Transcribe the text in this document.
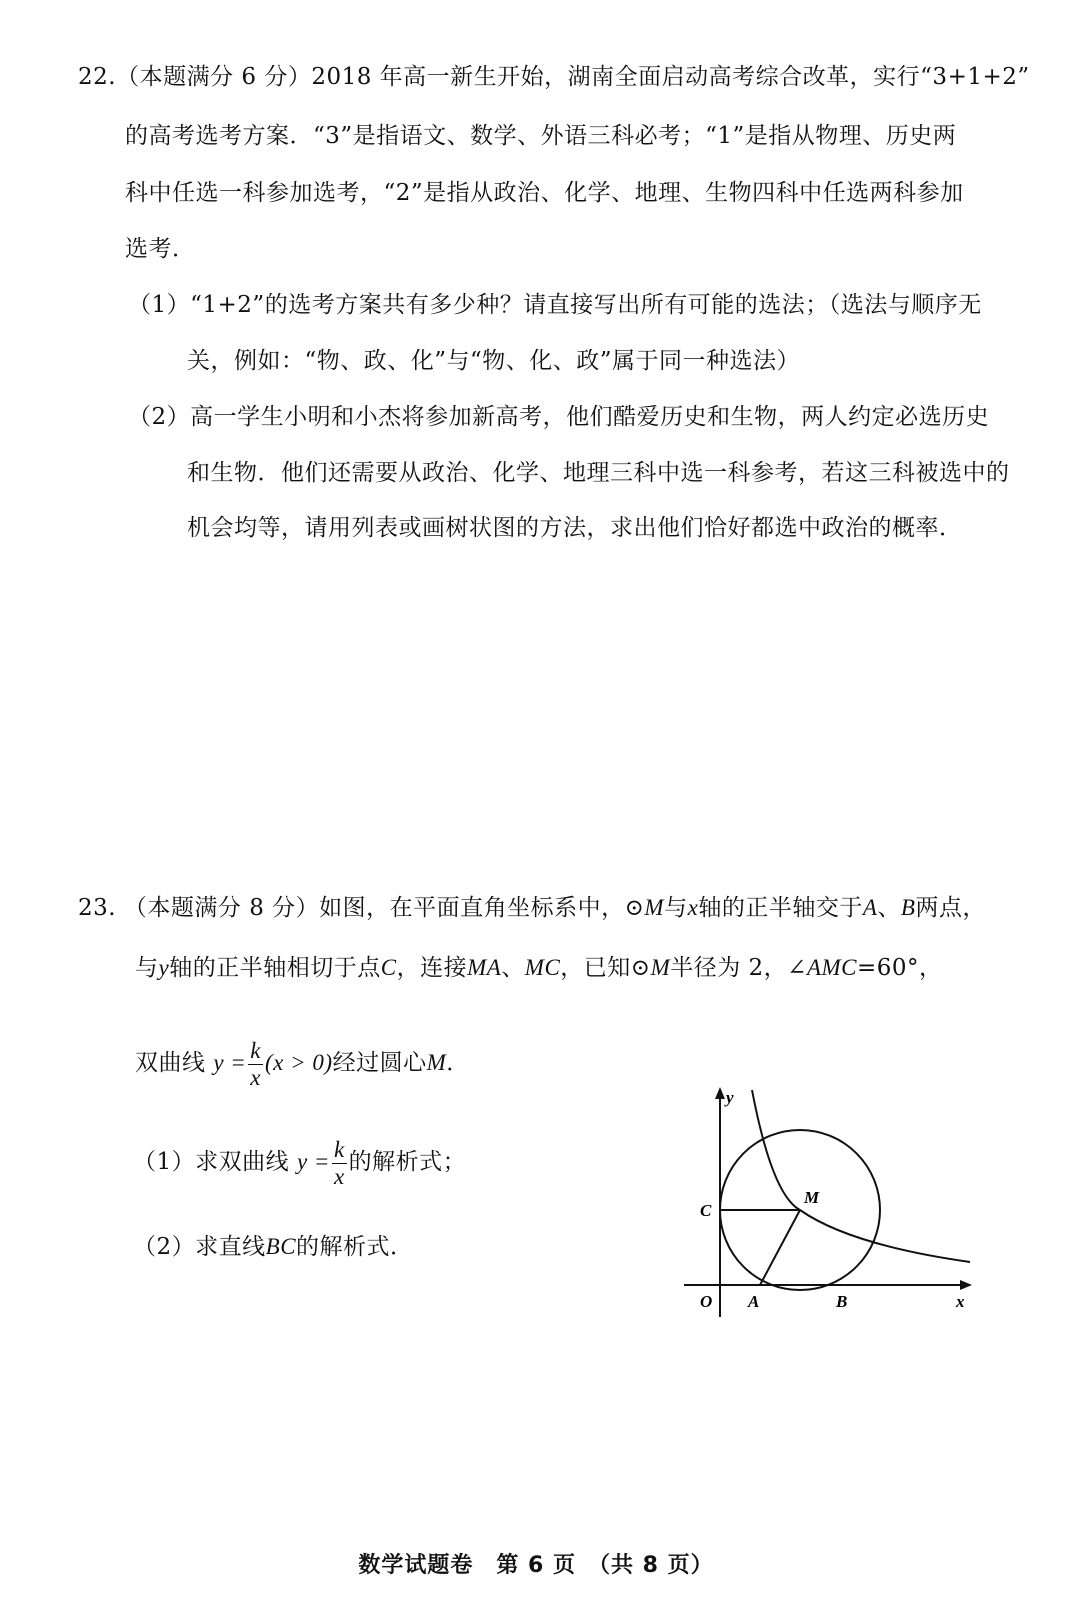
22.（本题满分 6 分）2018 年高一新生开始，湖南全面启动高考综合改革，实行“3+1+2”
的高考选考方案．“3”是指语文、数学、外语三科必考；“1”是指从物理、历史两
科中任选一科参加选考，“2”是指从政治、化学、地理、生物四科中任选两科参加
选考．
（1）“1+2”的选考方案共有多少种？请直接写出所有可能的选法；（选法与顺序无
关，例如：“物、政、化”与“物、化、政”属于同一种选法）
（2）高一学生小明和小杰将参加新高考，他们酷爱历史和生物，两人约定必选历史
和生物．他们还需要从政治、化学、地理三科中选一科参考，若这三科被选中的
机会均等，请用列表或画树状图的方法，求出他们恰好都选中政治的概率．
23. （本题满分 8 分）如图，在平面直角坐标系中，⊙M与x轴的正半轴交于A、B两点，
与y轴的正半轴相切于点C，连接MA、MC，已知⊙M半径为 2，∠AMC=60°，
双曲线 $y = \frac{k}{x} (x > 0)$经过圆心M．
（1）求双曲线 $y = \frac{k}{x}$ 的解析式；
（2）求直线BC的解析式．
y
x
O A	B
C
M
数学试题卷　第 6 页　（共 8 页）
